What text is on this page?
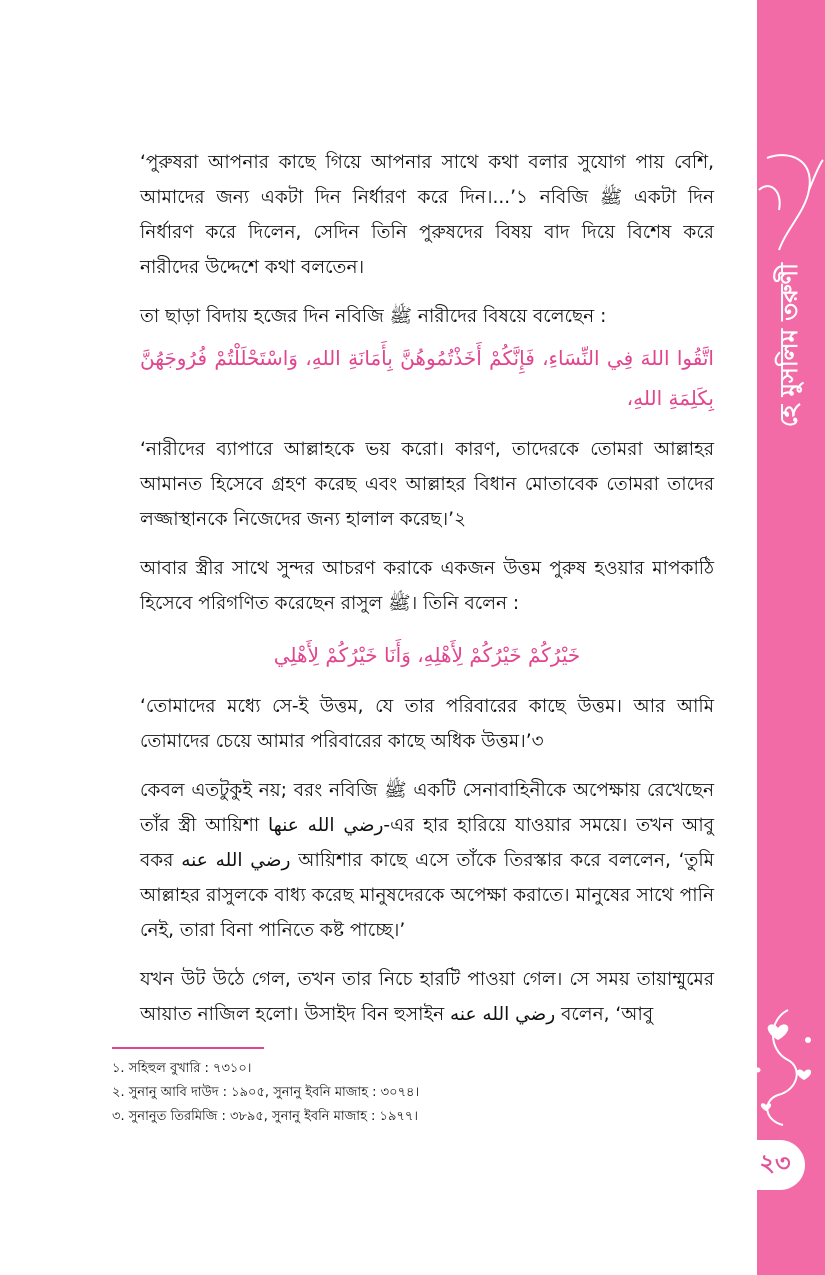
হে মুসলিম তরুণী
২৩

‘পুরুষরা আপনার কাছে গিয়ে আপনার সাথে কথা বলার সুযোগ পায় বেশি, আমাদের জন্য একটা দিন নির্ধারণ করে দিন।...’১ নবিজি ﷺ একটা দিন নির্ধারণ করে দিলেন, সেদিন তিনি পুরুষদের বিষয় বাদ দিয়ে বিশেষ করে নারীদের উদ্দেশে কথা বলতেন।

তা ছাড়া বিদায় হজের দিন নবিজি ﷺ নারীদের বিষয়ে বলেছেন :

اتَّقُوا اللهَ فِي النِّسَاءِ، فَإِنَّكُمْ أَخَذْتُمُوهُنَّ بِأَمَانَةِ اللهِ، وَاسْتَحْلَلْتُمْ فُرُوجَهُنَّ بِكَلِمَةِ اللهِ،

‘নারীদের ব্যাপারে আল্লাহকে ভয় করো। কারণ, তাদেরকে তোমরা আল্লাহর আমানত হিসেবে গ্রহণ করেছ এবং আল্লাহর বিধান মোতাবেক তোমরা তাদের লজ্জাস্থানকে নিজেদের জন্য হালাল করেছ।’২

আবার স্ত্রীর সাথে সুন্দর আচরণ করাকে একজন উত্তম পুরুষ হওয়ার মাপকাঠি হিসেবে পরিগণিত করেছেন রাসুল ﷺ। তিনি বলেন :

خَيْرُكُمْ خَيْرُكُمْ لِأَهْلِهِ، وَأَنَا خَيْرُكُمْ لِأَهْلِي

‘তোমাদের মধ্যে সে-ই উত্তম, যে তার পরিবারের কাছে উত্তম। আর আমি তোমাদের চেয়ে আমার পরিবারের কাছে অধিক উত্তম।’৩

কেবল এতটুকুই নয়; বরং নবিজি ﷺ একটি সেনাবাহিনীকে অপেক্ষায় রেখেছেন তাঁর স্ত্রী আয়িশা رضي الله عنها-এর হার হারিয়ে যাওয়ার সময়ে। তখন আবু বকর رضي الله عنه আয়িশার কাছে এসে তাঁকে তিরস্কার করে বললেন, ‘তুমি আল্লাহর রাসুলকে বাধ্য করেছ মানুষদেরকে অপেক্ষা করাতে। মানুষের সাথে পানি নেই, তারা বিনা পানিতে কষ্ট পাচ্ছে।’

যখন উট উঠে গেল, তখন তার নিচে হারটি পাওয়া গেল। সে সময় তায়াম্মুমের আয়াত নাজিল হলো। উসাইদ বিন হুসাইন رضي الله عنه বলেন, ‘আবু

১. সহিহুল বুখারি : ৭৩১০।
২. সুনানু আবি দাউদ : ১৯০৫, সুনানু ইবনি মাজাহ : ৩০৭৪।
৩. সুনানুত তিরমিজি : ৩৮৯৫, সুনানু ইবনি মাজাহ : ১৯৭৭।
